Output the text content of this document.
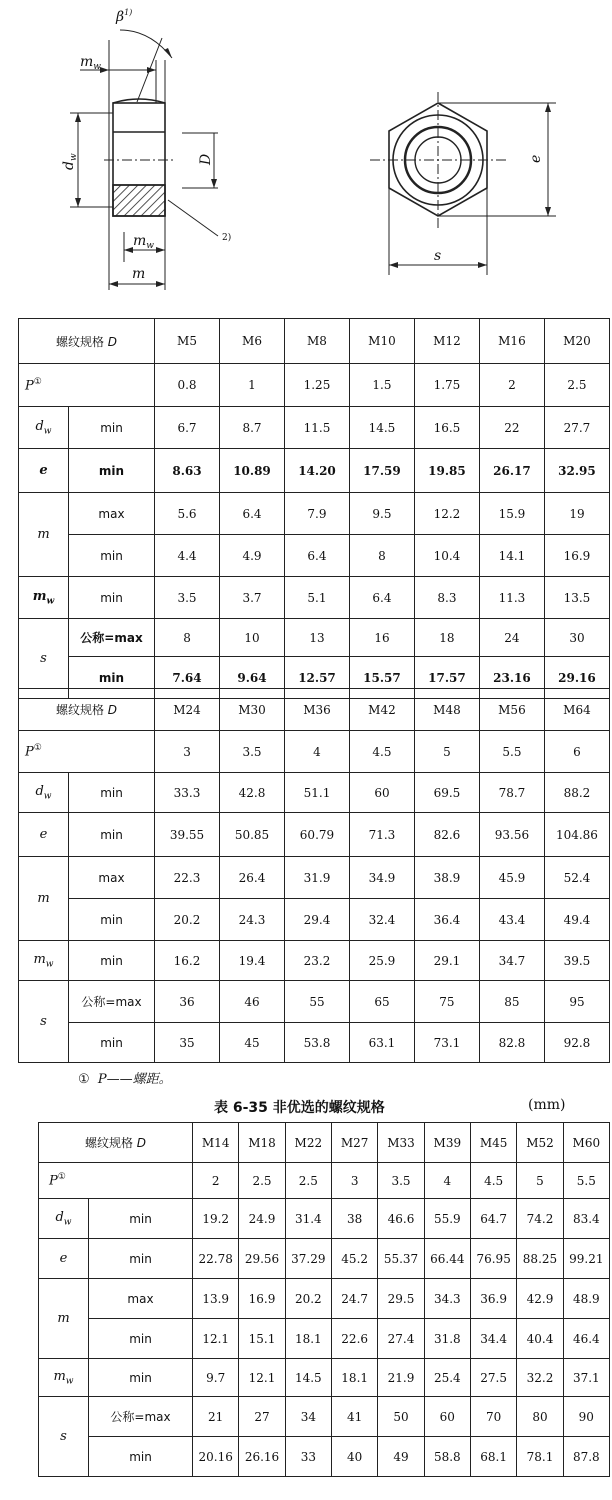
$\beta^{1)}$
$m_w$
$d_w$	D
$m_w$
m
2)
e
s
螺纹规格 D		M5	M6	M8	M10	M12	M16	M20
P①		0.8	1	1.25	1.5	1.75	2	2.5
$d_w$	min	6.7	8.7	11.5	14.5	16.5	22	27.7
e	min	8.63	10.89	14.20	17.59	19.85	26.17	32.95
m	max	5.6	6.4	7.9	9.5	12.2	15.9	19
	min	4.4	4.9	6.4	8	10.4	14.1	16.9
$m_w$	min	3.5	3.7	5.1	6.4	8.3	11.3	13.5
s	公称=max	8	10	13	16	18	24	30
	min	7.64	9.64	12.57	15.57	17.57	23.16	29.16
螺纹规格 D		M24	M30	M36	M42	M48	M56	M64
P①		3	3.5	4	4.5	5	5.5	6
$d_w$	min	33.3	42.8	51.1	60	69.5	78.7	88.2
e	min	39.55	50.85	60.79	71.3	82.6	93.56	104.86
m	max	22.3	26.4	31.9	34.9	38.9	45.9	52.4
	min	20.2	24.3	29.4	32.4	36.4	43.4	49.4
$m_w$	min	16.2	19.4	23.2	25.9	29.1	34.7	39.5
s	公称=max	36	46	55	65	75	85	95
	min	35	45	53.8	63.1	73.1	82.8	92.8
① P——螺距。
表 6-35 非优选的螺纹规格	(mm)
螺纹规格 D		M14	M18	M22	M27	M33	M39	M45	M52	M60
P①		2	2.5	2.5	3	3.5	4	4.5	5	5.5
$d_w$	min	19.2	24.9	31.4	38	46.6	55.9	64.7	74.2	83.4
e	min	22.78	29.56	37.29	45.2	55.37	66.44	76.95	88.25	99.21
m	max	13.9	16.9	20.2	24.7	29.5	34.3	36.9	42.9	48.9
	min	12.1	15.1	18.1	22.6	27.4	31.8	34.4	40.4	46.4
$m_w$	min	9.7	12.1	14.5	18.1	21.9	25.4	27.5	32.2	37.1
s	公称=max	21	27	34	41	50	60	70	80	90
	min	20.16	26.16	33	40	49	58.8	68.1	78.1	87.8
